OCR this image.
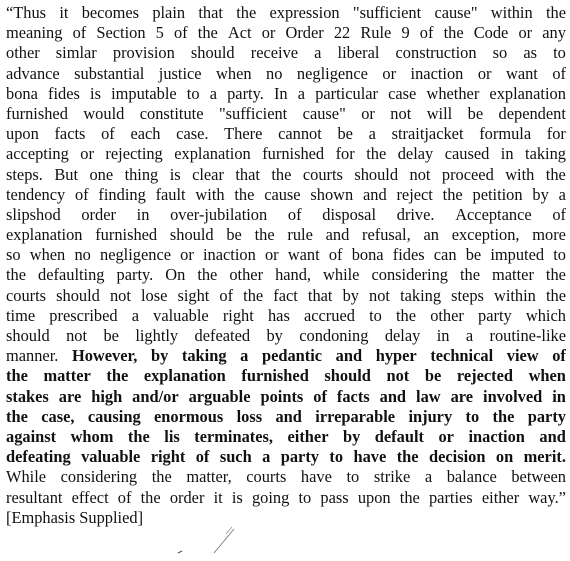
“Thus it becomes plain that the expression "sufficient cause" within the
meaning of Section 5 of the Act or Order 22 Rule 9 of the Code or any
other simlar provision should receive a liberal construction so as to
advance substantial justice when no negligence or inaction or want of
bona fides is imputable to a party. In a particular case whether explanation
furnished would constitute "sufficient cause" or not will be dependent
upon facts of each case. There cannot be a straitjacket formula for
accepting or rejecting explanation furnished for the delay caused in taking
steps. But one thing is clear that the courts should not proceed with the
tendency of finding fault with the cause shown and reject the petition by a
slipshod order in over-jubilation of disposal drive. Acceptance of
explanation furnished should be the rule and refusal, an exception, more
so when no negligence or inaction or want of bona fides can be imputed to
the defaulting party. On the other hand, while considering the matter the
courts should not lose sight of the fact that by not taking steps within the
time prescribed a valuable right has accrued to the other party which
should not be lightly defeated by condoning delay in a routine-like
manner. However, by taking a pedantic and hyper technical view of
the matter the explanation furnished should not be rejected when
stakes are high and/or arguable points of facts and law are involved in
the case, causing enormous loss and irreparable injury to the party
against whom the lis terminates, either by default or inaction and
defeating valuable right of such a party to have the decision on merit.
While considering the matter, courts have to strike a balance between
resultant effect of the order it is going to pass upon the parties either way.”
[Emphasis Supplied]
